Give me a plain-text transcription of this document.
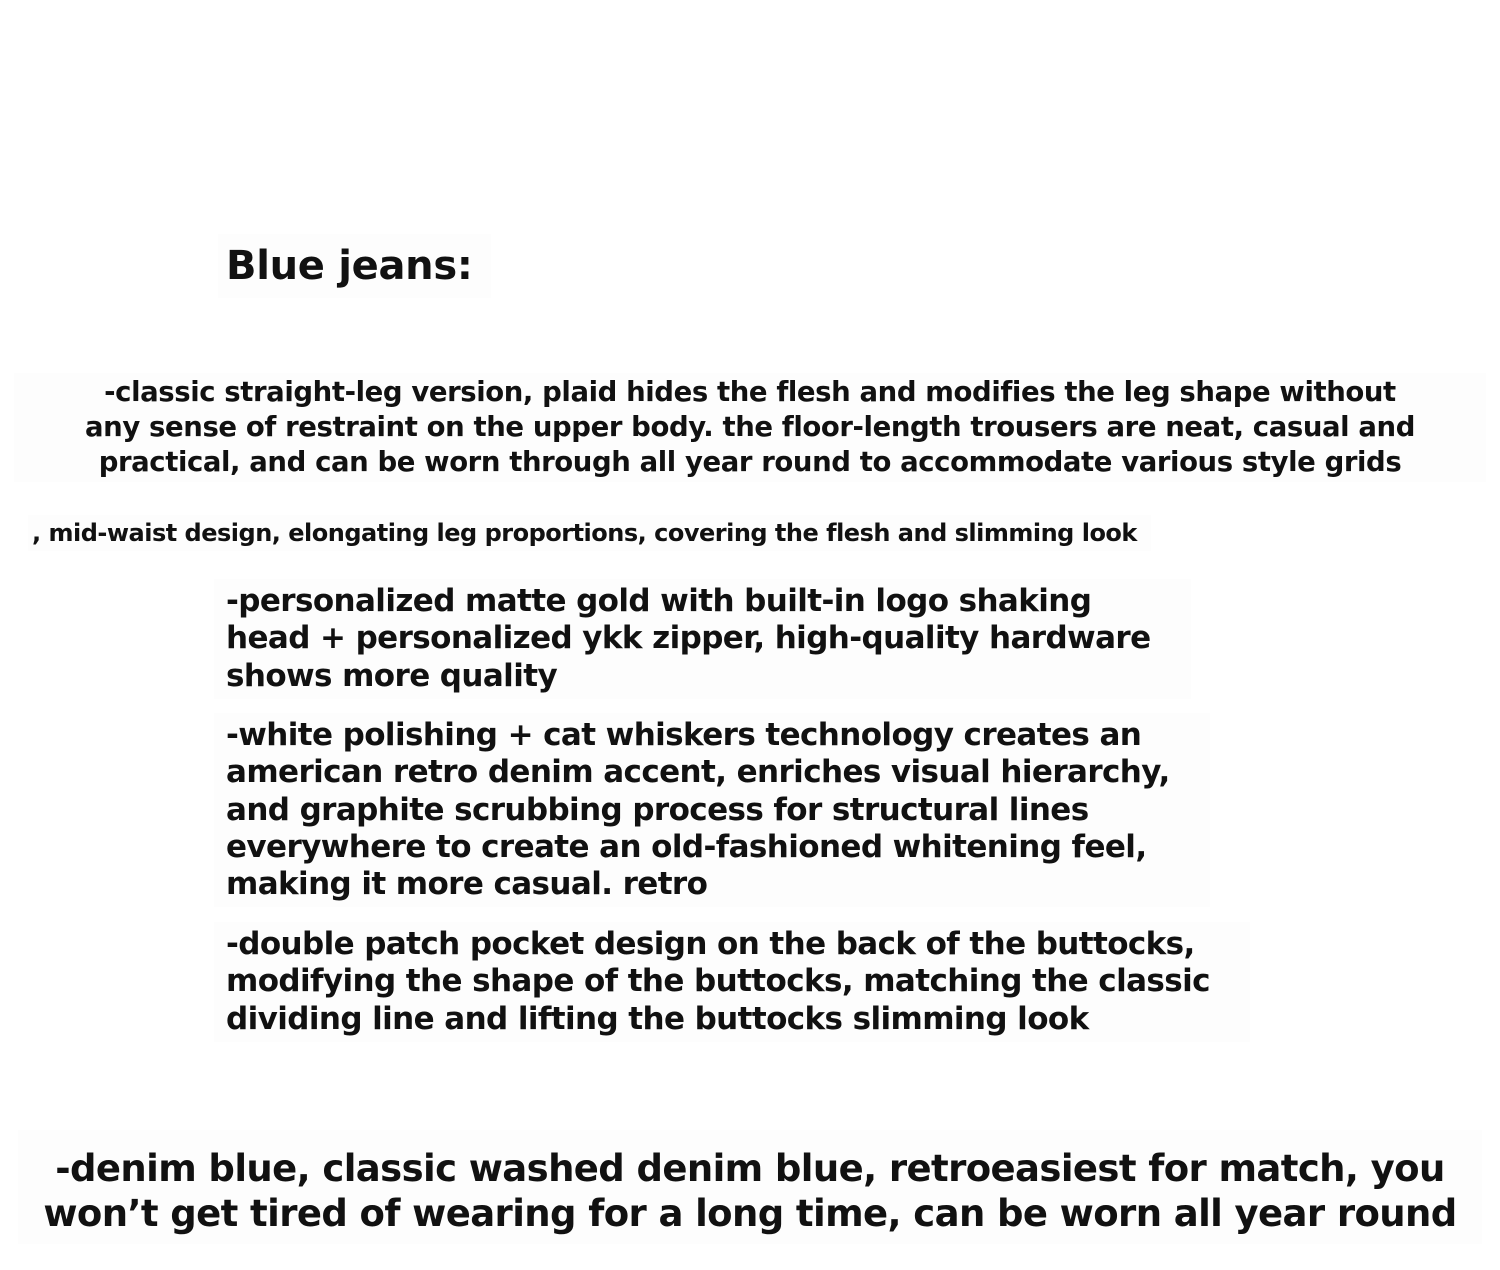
Blue jeans:
-classic straight-leg version, plaid hides the flesh and modifies the leg shape without
any sense of restraint on the upper body. the floor-length trousers are neat, casual and
practical, and can be worn through all year round to accommodate various style grids
, mid-waist design, elongating leg proportions, covering the flesh and slimming look
-personalized matte gold with built-in logo shaking
head + personalized ykk zipper, high-quality hardware
shows more quality
-white polishing + cat whiskers technology creates an
american retro denim accent, enriches visual hierarchy,
and graphite scrubbing process for structural lines
everywhere to create an old-fashioned whitening feel,
making it more casual. retro
-double patch pocket design on the back of the buttocks,
modifying the shape of the buttocks, matching the classic
dividing line and lifting the buttocks slimming look
-denim blue, classic washed denim blue, retroeasiest for match, you
won’t get tired of wearing for a long time, can be worn all year round
